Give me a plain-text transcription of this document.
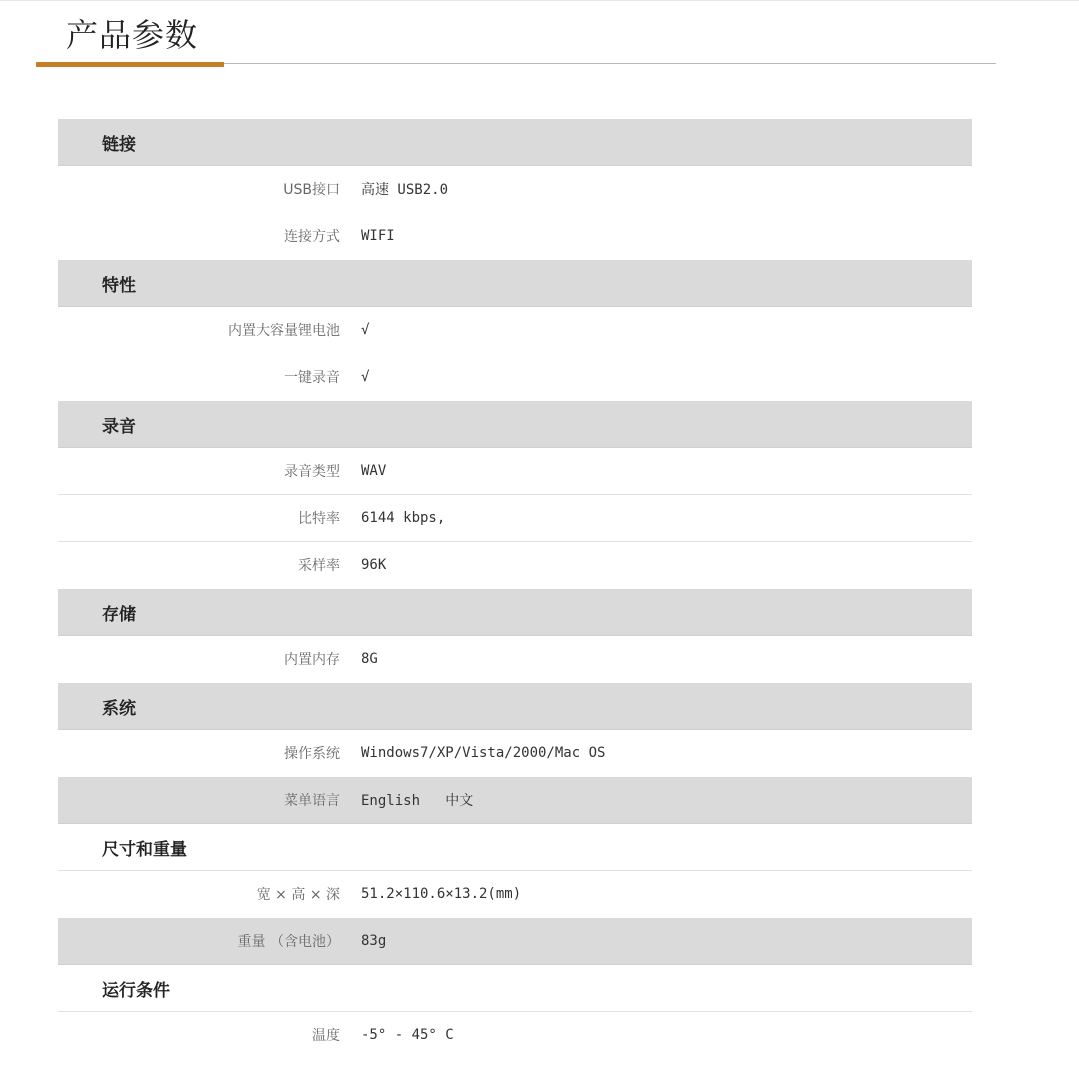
产品参数
链接
USB接口	高速 USB2.0
连接方式	WIFI
特性
内置大容量锂电池	√
一键录音	√
录音
录音类型	WAV
比特率	6144 kbps,
采样率	96K
存储
内置内存	8G
系统
操作系统	Windows7/XP/Vista/2000/Mac OS
菜单语言	English   中文
尺寸和重量
宽 × 高 × 深	51.2×110.6×13.2(mm)
重量 （含电池）	83g
运行条件
温度	-5° - 45° C
